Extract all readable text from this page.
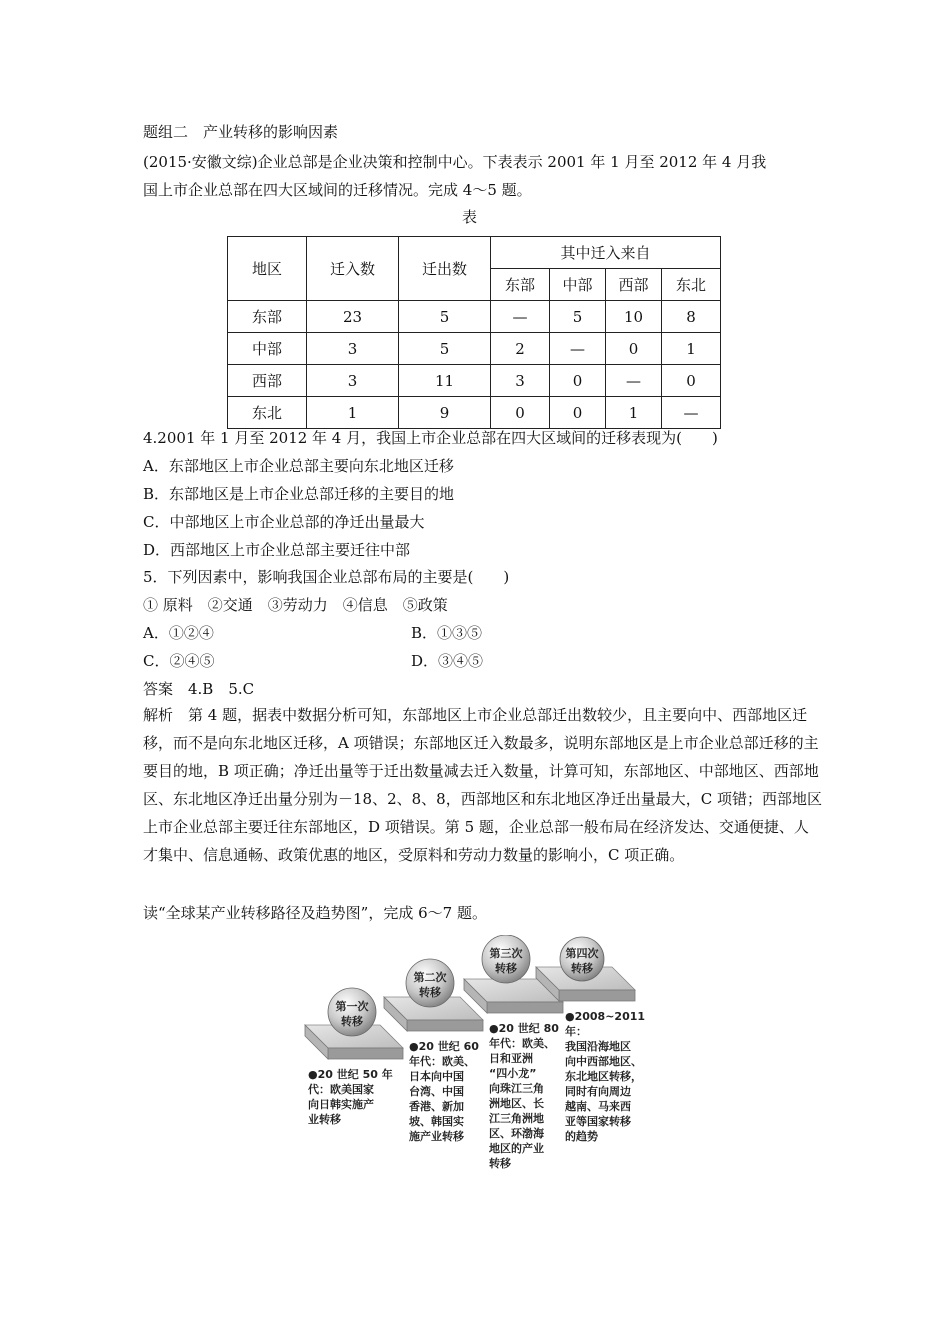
题组二　产业转移的影响因素
(2015·安徽文综)企业总部是企业决策和控制中心。下表表示 2001 年 1 月至 2012 年 4 月我
国上市企业总部在四大区域间的迁移情况。完成 4～5 题。
表
地区	迁入数	迁出数	其中迁入来自			
			东部	中部	西部	东北
东部	23	5	—	5	10	8
中部	3	5	2	—	0	1
西部	3	11	3	0	—	0
东北	1	9	0	0	1	—
4.2001 年 1 月至 2012 年 4 月，我国上市企业总部在四大区域间的迁移表现为(　　)
A．东部地区上市企业总部主要向东北地区迁移
B．东部地区是上市企业总部迁移的主要目的地
C．中部地区上市企业总部的净迁出量最大
D．西部地区上市企业总部主要迁往中部
5．下列因素中，影响我国企业总部布局的主要是(　　)
① 原料　②交通　③劳动力　④信息　⑤政策
A．①②④	B．①③⑤
C．②④⑤	D．③④⑤
答案　4.B　5.C
解析　第 4 题，据表中数据分析可知，东部地区上市企业总部迁出数较少，且主要向中、西部地区迁移，而不是向东北地区迁移，A 项错误；东部地区迁入数最多，说明东部地区是上市企业总部迁移的主要目的地，B 项正确；净迁出量等于迁出数量减去迁入数量，计算可知，东部地区、中部地区、西部地区、东北地区净迁出量分别为－18、2、8、8，西部地区和东北地区净迁出量最大，C 项错；西部地区上市企业总部主要迁往东部地区，D 项错误。第 5 题，企业总部一般布局在经济发达、交通便捷、人才集中、信息通畅、政策优惠的地区，受原料和劳动力数量的影响小，C 项正确。
读“全球某产业转移路径及趋势图”，完成 6～7 题。
第一次
转移
第二次
转移
第三次
转移
第四次
转移
●20 世纪 50 年
代：欧美国家
向日韩实施产
业转移
●20 世纪 60
年代：欧美、
日本向中国
台湾、中国
香港、新加
坡、韩国实
施产业转移
●20 世纪 80
年代：欧美、
日和亚洲
“四小龙”
向珠江三角
洲地区、长
江三角洲地
区、环渤海
地区的产业
转移
●2008~2011年：
我国沿海地区
向中西部地区、
东北地区转移，
同时有向周边
越南、马来西
亚等国家转移
的趋势
